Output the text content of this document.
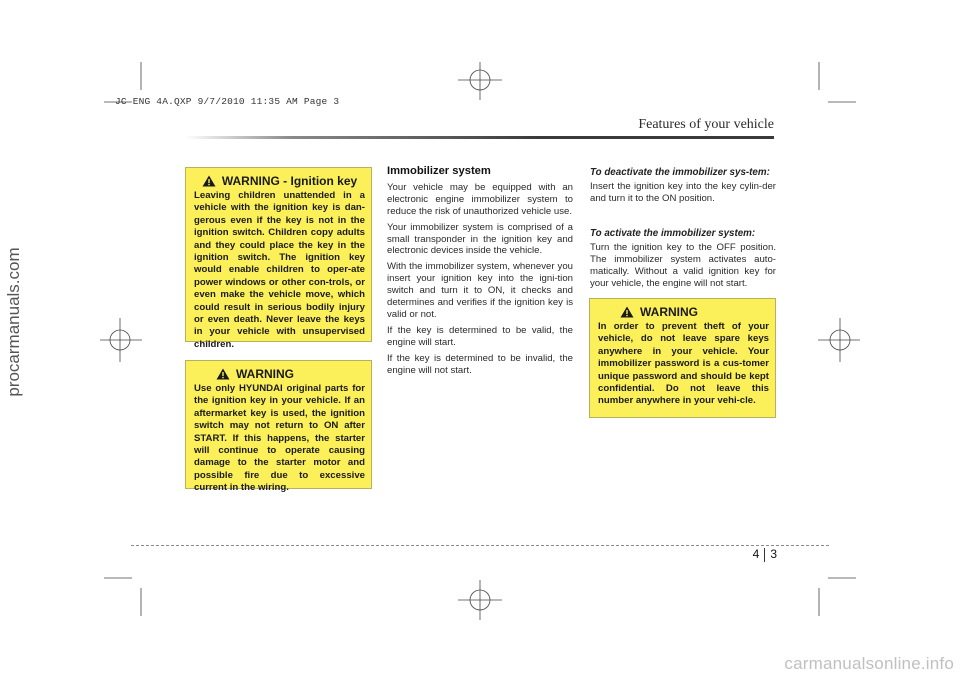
JC ENG 4A.QXP 9/7/2010 11:35 AM Page 3
Features of your vehicle
WARNING - Ignition key

Leaving children unattended in a vehicle with the ignition key is dan-gerous even if the key is not in the ignition switch. Children copy adults and they could place the key in the ignition switch. The ignition key would enable children to oper-ate power windows or other con-trols, or even make the vehicle move, which could result in serious bodily injury or even death. Never leave the keys in your vehicle with unsupervised children.

WARNING

Use only HYUNDAI original parts for the ignition key in your vehicle. If an aftermarket key is used, the ignition switch may not return to ON after START. If this happens, the starter will continue to operate causing damage to the starter motor and possible fire due to excessive current in the wiring.

Immobilizer system

Your vehicle may be equipped with an electronic engine immobilizer system to reduce the risk of unauthorized vehicle use.

Your immobilizer system is comprised of a small transponder in the ignition key and electronic devices inside the vehicle.

With the immobilizer system, whenever you insert your ignition key into the igni-tion switch and turn it to ON, it checks and determines and verifies if the ignition key is valid or not.

If the key is determined to be valid, the engine will start.

If the key is determined to be invalid, the engine will not start.

To deactivate the immobilizer sys-tem:

Insert the ignition key into the key cylin-der and turn it to the ON position.

To activate the immobilizer system:

Turn the ignition key to the OFF position. The immobilizer system activates auto-matically. Without a valid ignition key for your vehicle, the engine will not start.

WARNING

In order to prevent theft of your vehicle, do not leave spare keys anywhere in your vehicle. Your immobilizer password is a cus-tomer unique password and should be kept confidential. Do not leave this number anywhere in your vehi-cle.

4 3
procarmanuals.com
carmanualsonline.info
